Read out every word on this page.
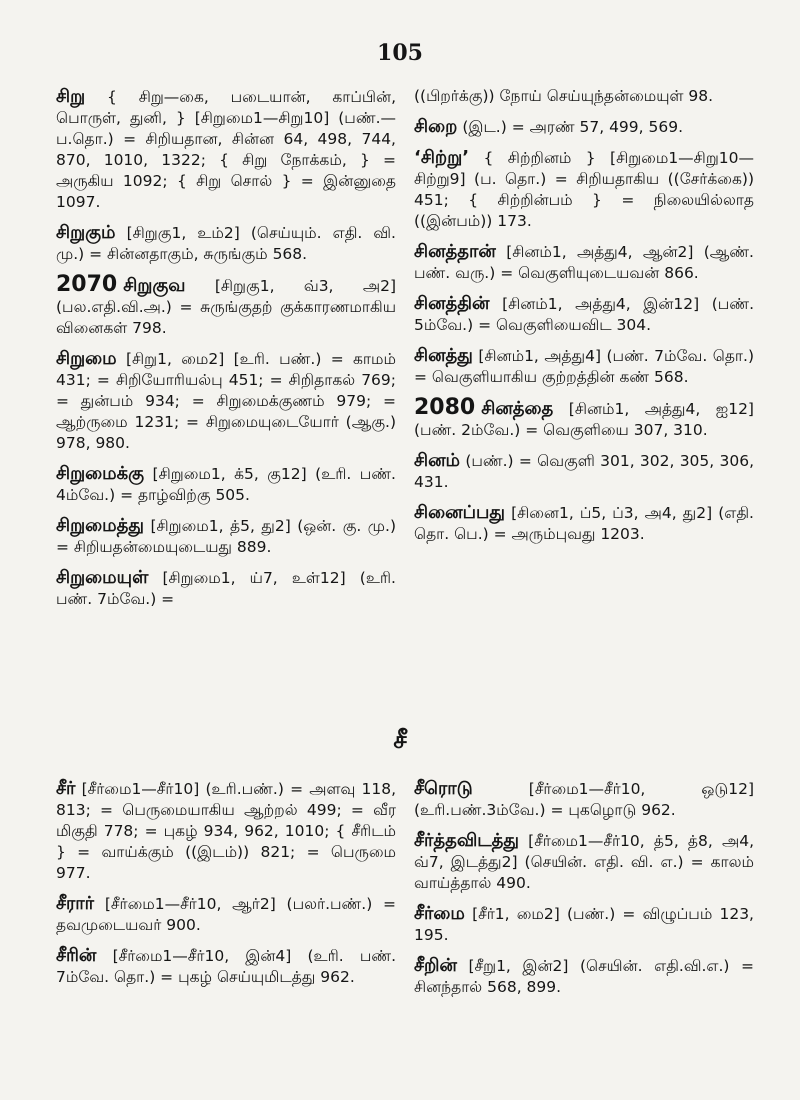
105
சிறு { சிறு—கை, படையான், காப்பின், பொருள், துனி, } [சிறுமை1—சிறு10] (பண்.—ப.தொ.) = சிறியதான, சின்ன 64, 498, 744, 870, 1010, 1322; { சிறு நோக்கம், } = அருகிய 1092; { சிறு சொல் } = இன்னுதை 1097.
சிறுகும் [சிறுகு1, உம்2] (செய்யும். எதி. வி. மு.) = சின்னதாகும், சுருங்கும் 568.
2070 சிறுகுவ [சிறுகு1, வ்3, அ2] (பல.எதி.வி.அ.) = சுருங்குதற் குக்காரணமாகிய வினைகள் 798.
சிறுமை [சிறு1, மை2] [உரி. பண்.) = காமம் 431; = சிறியோரியல்பு 451; = சிறிதாகல் 769; = துன்பம் 934; = சிறுமைக்குணம் 979; = ஆற்ருமை 1231; = சிறுமையுடையோர் (ஆகு.) 978, 980.
சிறுமைக்கு [சிறுமை1, க்5, கு12] (உரி. பண். 4ம்வே.) = தாழ்விற்கு 505.
சிறுமைத்து [சிறுமை1, த்5, து2] (ஒன். கு. மு.) = சிறியதன்மையுடையது 889.
சிறுமையுள் [சிறுமை1, ய்7, உள்12] (உரி. பண். 7ம்வே.) =
((பிறர்க்கு)) நோய் செய்யுந்தன்மையுள் 98.
சிறை (இட.) = அரண் 57, 499, 569.
‘சிற்று’ { சிற்றினம் } [சிறுமை1—சிறு10—சிற்று9] (ப. தொ.) = சிறியதாகிய ((சேர்க்கை)) 451; { சிற்றின்பம் } = நிலையில்லாத ((இன்பம்)) 173.
சினத்தான் [சினம்1, அத்து4, ஆன்2] (ஆண். பண். வரு.) = வெகுளியுடையவன் 866.
சினத்தின் [சினம்1, அத்து4, இன்12] (பண். 5ம்வே.) = வெகுளியைவிட 304.
சினத்து [சினம்1, அத்து4] (பண். 7ம்வே. தொ.) = வெகுளியாகிய குற்றத்தின் கண் 568.
2080 சினத்தை [சினம்1, அத்து4, ஐ12] (பண். 2ம்வே.) = வெகுளியை 307, 310.
சினம் (பண்.) = வெகுளி 301, 302, 305, 306, 431.
சினைப்பது [சினை1, ப்5, ப்3, அ4, து2] (எதி. தொ. பெ.) = அரும்புவது 1203.
சீ
சீர் [சீர்மை1—சீர்10] (உரி.பண்.) = அளவு 118, 813; = பெருமையாகிய ஆற்றல் 499; = வீர மிகுதி 778; = புகழ் 934, 962, 1010; { சீரிடம் } = வாய்க்கும் ((இடம்)) 821; = பெருமை 977.
சீரார் [சீர்மை1—சீர்10, ஆர்2] (பலர்.பண்.) = தவமுடையவர் 900.
சீரின் [சீர்மை1—சீர்10, இன்4] (உரி. பண். 7ம்வே. தொ.) = புகழ் செய்யுமிடத்து 962.
சீரொடு	[சீர்மை1—சீர்10, ஒடு12] (உரி.பண்.3ம்வே.) = புகழொடு 962.
சீர்த்தவிடத்து [சீர்மை1—சீர்10, த்5, த்8, அ4, வ்7, இடத்து2] (செயின். எதி. வி. எ.) = காலம் வாய்த்தால் 490.
சீர்மை [சீர்1, மை2] (பண்.) = விழுப்பம் 123, 195.
சீறின் [சீறு1, இன்2] (செயின். எதி.வி.எ.) = சினந்தால் 568, 899.
